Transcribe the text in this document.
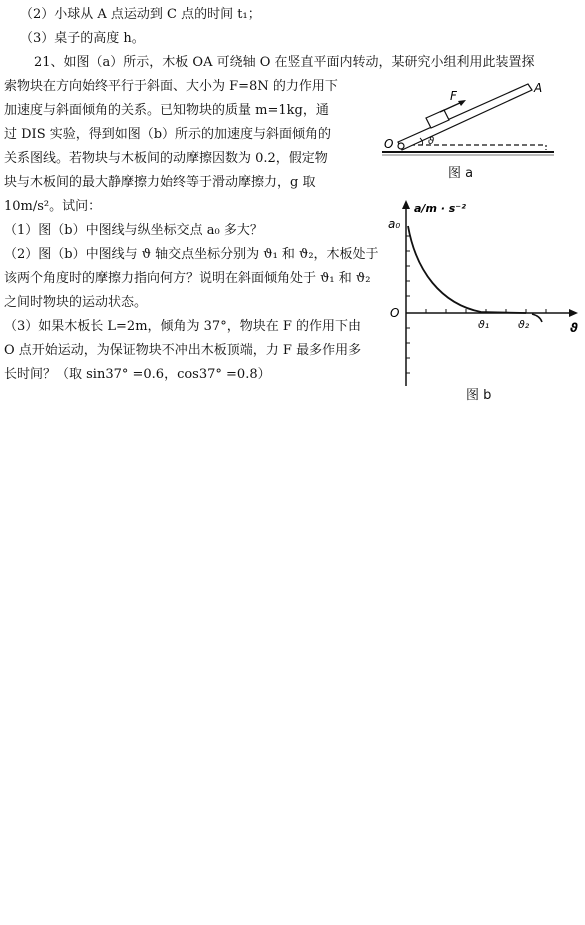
（2）小球从 A 点运动到 C 点的时间 t₁；
（3）桌子的高度 h。
21、如图（a）所示，木板 OA 可绕轴 O 在竖直平面内转动，某研究小组利用此装置探
索物块在方向始终平行于斜面、大小为 F=8N 的力作用下
加速度与斜面倾角的关系。已知物块的质量 m=1kg，通
过 DIS 实验，得到如图（b）所示的加速度与斜面倾角的
关系图线。若物块与木板间的动摩擦因数为 0.2，假定物
块与木板间的最大静摩擦力始终等于滑动摩擦力，g 取
10m/s²。试问：
（1）图（b）中图线与纵坐标交点 a₀ 多大？
（2）图（b）中图线与 ϑ 轴交点坐标分别为 ϑ₁ 和 ϑ₂，木板处于
该两个角度时的摩擦力指向何方？说明在斜面倾角处于 ϑ₁ 和 ϑ₂
之间时物块的运动状态。
（3）如果木板长 L=2m，倾角为 37°，物块在 F 的作用下由
O 点开始运动，为保证物块不冲出木板顶端，力 F 最多作用多
长时间？（取 sin37° =0.6，cos37° =0.8）
O
A
F
ϑ
图 a
a/m · s⁻²
a₀
O
ϑ₁	ϑ₂	ϑ
图 b
